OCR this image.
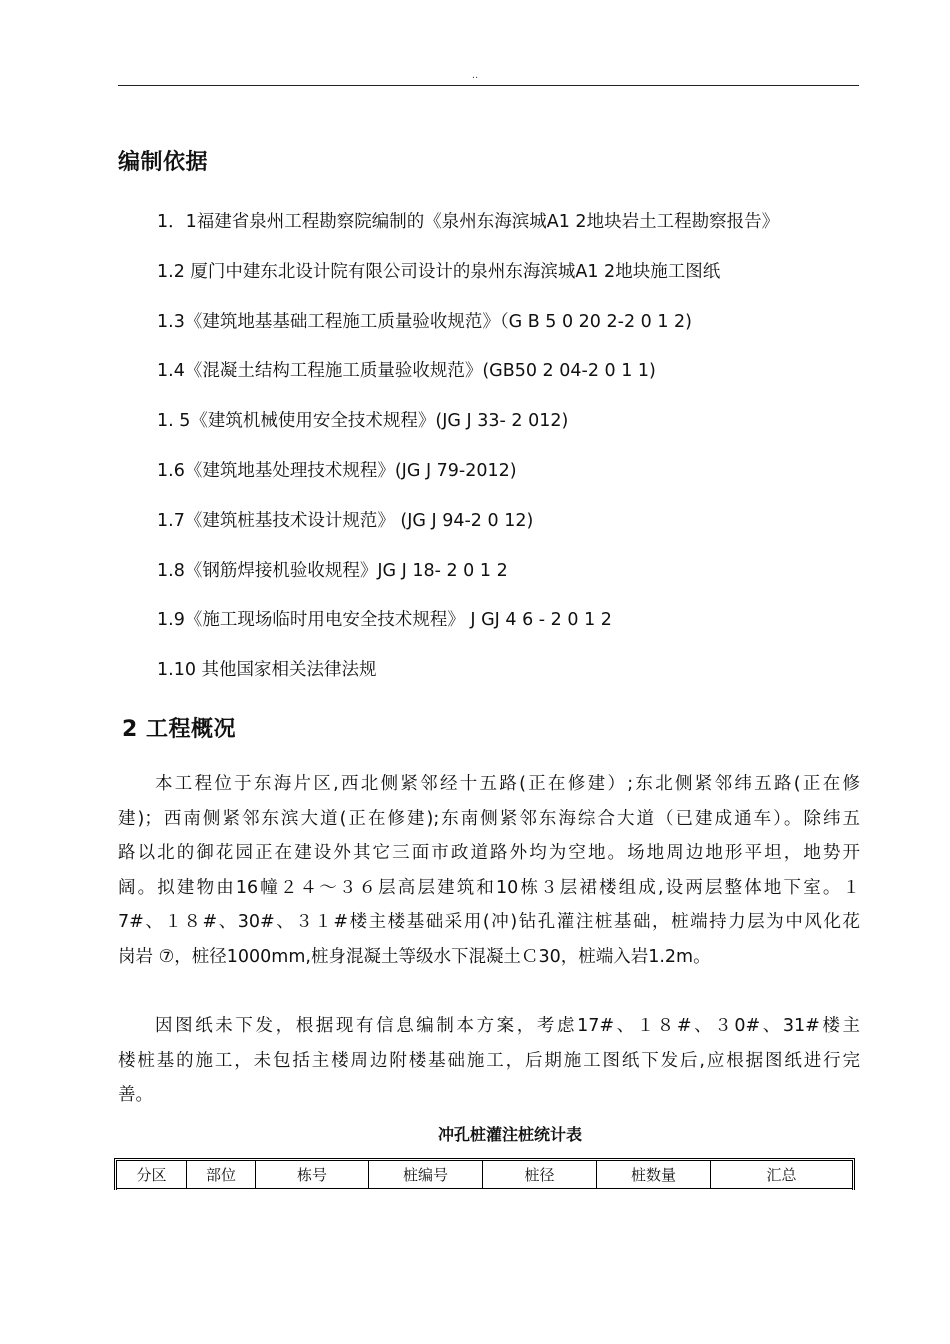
..
编制依据
1．1福建省泉州工程勘察院编制的《泉州东海滨城A1 2地块岩土工程勘察报告》
1.2 厦门中建东北设计院有限公司设计的泉州东海滨城A1 2地块施工图纸
1.3《建筑地基基础工程施工质量验收规范》（G B 5 0 20 2-2 0 1 2)
1.4《混凝土结构工程施工质量验收规范》(GB50 2 04-2 0 1 1)
1. 5《建筑机械使用安全技术规程》(JG J 33- 2 012)
1.6《建筑地基处理技术规程》(JG J 79-2012)
1.7《建筑桩基技术设计规范》 (JG J 94-2 0 12)
1.8《钢筋焊接机验收规程》JG J 18- 2 0 1 2
1.9《施工现场临时用电安全技术规程》 J GJ 4 6 - 2 0 1 2
1.10 其他国家相关法律法规
2 工程概况
本工程位于东海片区,西北侧紧邻经十五路(正在修建）;东北侧紧邻纬五路(正在修
建)；西南侧紧邻东滨大道(正在修建);东南侧紧邻东海综合大道（已建成通车）。除纬五
路以北的御花园正在建设外其它三面市政道路外均为空地。场地周边地形平坦，地势开
阔。拟建物由16幢２４～３６层高层建筑和10栋３层裙楼组成,设两层整体地下室。１
7#、１８#、30#、３１#楼主楼基础采用(冲)钻孔灌注桩基础，桩端持力层为中风化花
岗岩 ⑦，桩径1000mm,桩身混凝土等级水下混凝土Ｃ30，桩端入岩1.2m。
因图纸未下发，根据现有信息编制本方案，考虑17#、１８#、３0#、31#楼主
楼桩基的施工，未包括主楼周边附楼基础施工，后期施工图纸下发后,应根据图纸进行完
善。
冲孔桩灌注桩统计表
分区	部位	栋号	桩编号	桩径	桩数量	汇总
